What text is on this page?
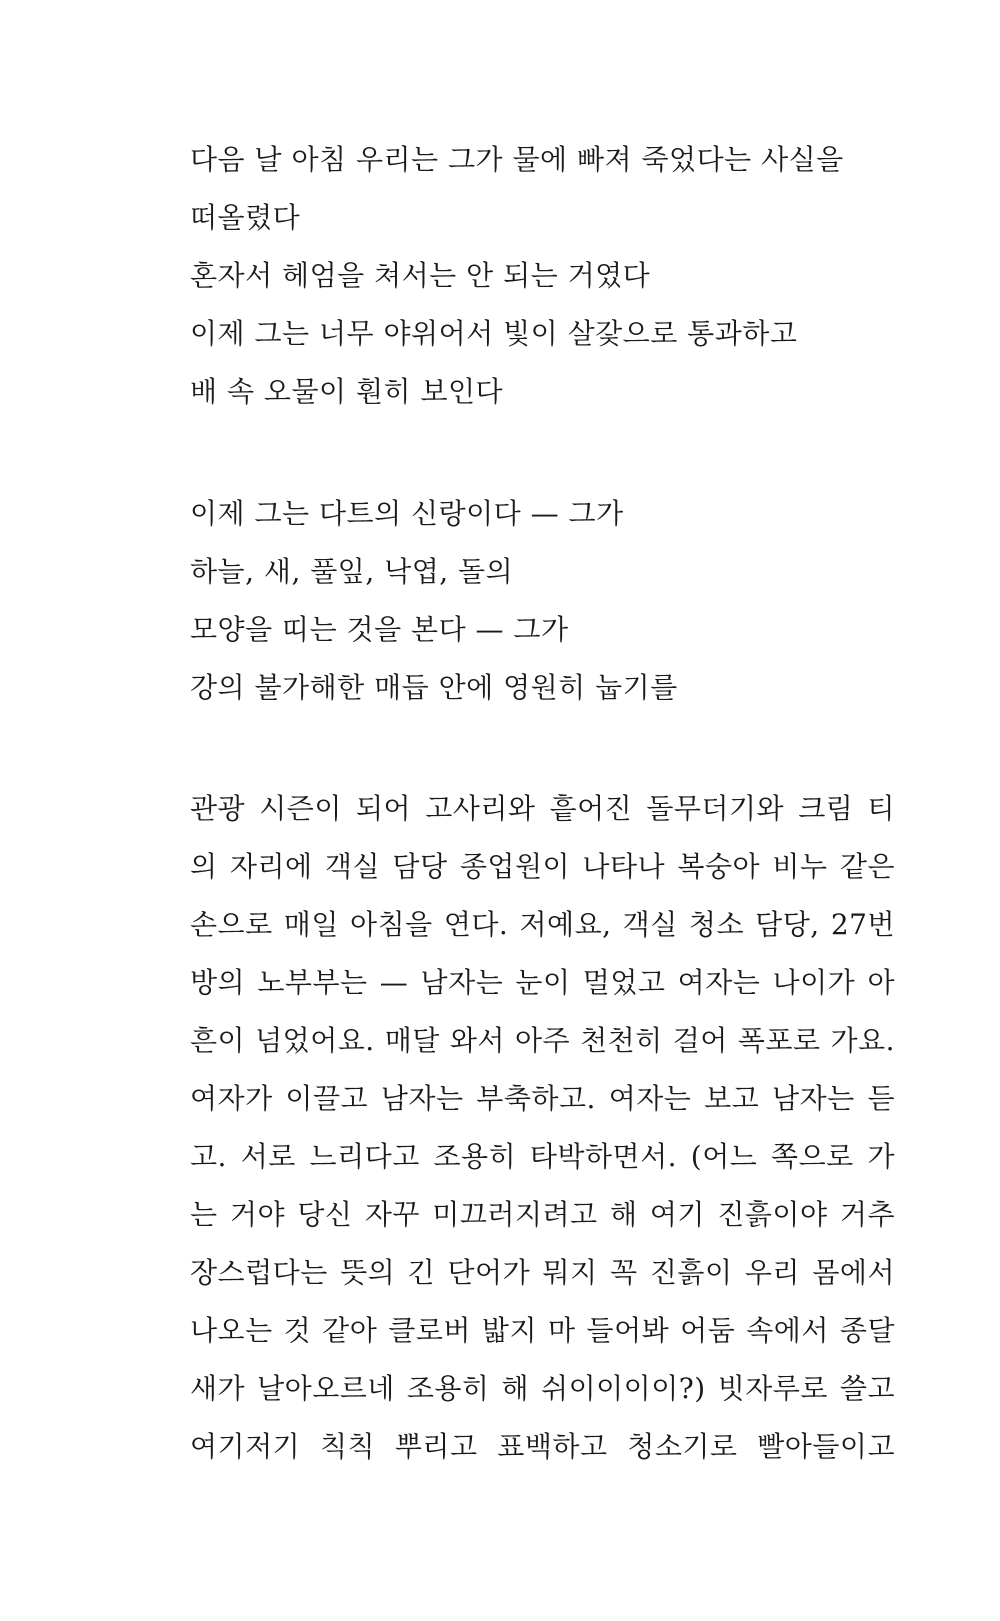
다음 날 아침 우리는 그가 물에 빠져 죽었다는 사실을
떠올렸다
혼자서 헤엄을 쳐서는 안 되는 거였다
이제 그는 너무 야위어서 빛이 살갗으로 통과하고
배 속 오물이 훤히 보인다
이제 그는 다트의 신랑이다 — 그가
하늘, 새, 풀잎, 낙엽, 돌의
모양을 띠는 것을 본다 — 그가
강의 불가해한 매듭 안에 영원히 눕기를
관광 시즌이 되어 고사리와 흩어진 돌무더기와 크림 티
의 자리에 객실 담당 종업원이 나타나 복숭아 비누 같은
손으로 매일 아침을 연다. 저예요, 객실 청소 담당, 27번
방의 노부부는 — 남자는 눈이 멀었고 여자는 나이가 아
흔이 넘었어요. 매달 와서 아주 천천히 걸어 폭포로 가요.
여자가 이끌고 남자는 부축하고. 여자는 보고 남자는 듣
고. 서로 느리다고 조용히 타박하면서. (어느 쪽으로 가
는 거야 당신 자꾸 미끄러지려고 해 여기 진흙이야 거추
장스럽다는 뜻의 긴 단어가 뭐지 꼭 진흙이 우리 몸에서
나오는 것 같아 클로버 밟지 마 들어봐 어둠 속에서 종달
새가 날아오르네 조용히 해 쉬이이이이?) 빗자루로 쓸고
여기저기 칙칙 뿌리고 표백하고 청소기로 빨아들이고
